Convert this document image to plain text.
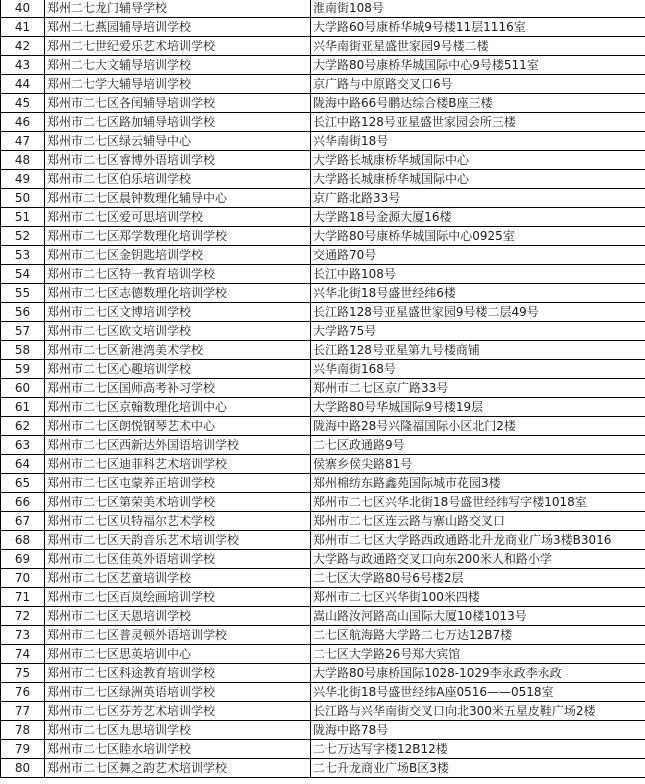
40	郑州二七龙门辅导学校	淮南街108号
41	郑州二七燕园辅导培训学校	大学路60号康桥华城9号楼11层1116室
42	郑州二七世纪爱乐艺术培训学校	兴华南街亚星盛世家园9号楼二楼
43	郑州二七大文辅导培训学校	大学路80号康桥华城国际中心9号楼511室
44	郑州二七学大辅导培训学校	京广路与中原路交叉口6号
45	郑州市二七区各闰辅导培训学校	陇海中路66号鹏达综合楼B座三楼
46	郑州市二七区路加辅导培训学校	长江中路128号亚星盛世家园会所三楼
47	郑州市二七区绿云辅导中心	兴华南街18号
48	郑州市二七区睿博外语培训学校	大学路长城康桥华城国际中心
49	郑州市二七区伯乐培训学校	大学路长城康桥华城国际中心
50	郑州市二七区晨钟数理化辅导中心	京广路北路33号
51	郑州市二七区爱可思培训学校	大学路18号金源大厦16楼
52	郑州市二七区郑学数理化培训学校	大学路80号康桥华城国际中心0925室
53	郑州市二七区金钥匙培训学校	交通路70号
54	郑州市二七区特一教育培训学校	长江中路108号
55	郑州市二七区志德数理化培训学校	兴华北街18号盛世经纬6楼
56	郑州市二七区文博培训学校	长江路128号亚星盛世家园9号楼二层49号
57	郑州市二七区欧文培训学校	大学路75号
58	郑州市二七区新港湾美术学校	长江路128号亚星第九号楼商铺
59	郑州市二七区心趣培训学校	兴华南街168号
60	郑州市二七区国师高考补习学校	郑州市二七区京广路33号
61	郑州市二七区京翰数理化培训中心	大学路80号华城国际9号楼19层
62	郑州市二七区朗悦钢琴艺术中心	陇海中路28号兴隆福国际小区北门2楼
63	郑州市二七区西新达外国语培训学校	二七区政通路9号
64	郑州市二七区迪菲科艺术培训学校	侯寨乡侯尖路81号
65	郑州市二七区屯蒙养正培训学校	郑州棉纺东路鑫苑国际城市花园3楼
66	郑州市二七区第荣美术培训学校	郑州市二七区兴华北街18号盛世经纬写字楼1018室
67	郑州市二七区贝特福尔艺术学校	郑州市二七区连云路与寨山路交叉口
68	郑州市二七区天韵音乐艺术培训学校	郑州市二七区大学路西政通路北升龙商业广场3楼B3016
69	郑州市二七区佳英外语培训学校	大学路与政通路交叉口向东200米人和路小学
70	郑州市二七区艺童培训学校	二七区大学路80号6号楼2层
71	郑州市二七区百岚绘画培训学校	郑州市二七区兴华街100米四楼
72	郑州市二七区天恩培训学校	嵩山路汝河路高山国际大厦10楼1013号
73	郑州市二七区普灵顿外语培训学校	二七区航海路大学路二七万达12B7楼
74	郑州市二七区思英培训中心	二七区大学路26号郑大宾馆
75	郑州市二七区科途教育培训学校	大学路80号康桥国际1028-1029李永政李永政
76	郑州市二七区绿洲英语培训学校	兴华北街18号盛世经纬A座0516——0518室
77	郑州市二七区芬芳艺术培训学校	长江路与兴华南街交叉口向北300米五星皮鞋广场2楼
78	郑州市二七区九思培训学校	陇海中路78号
79	郑州市二七区睦水培训学校	二七万达写字楼12B12楼
80	郑州市二七区舞之韵艺术培训学校	二七升龙商业广场B区3楼
